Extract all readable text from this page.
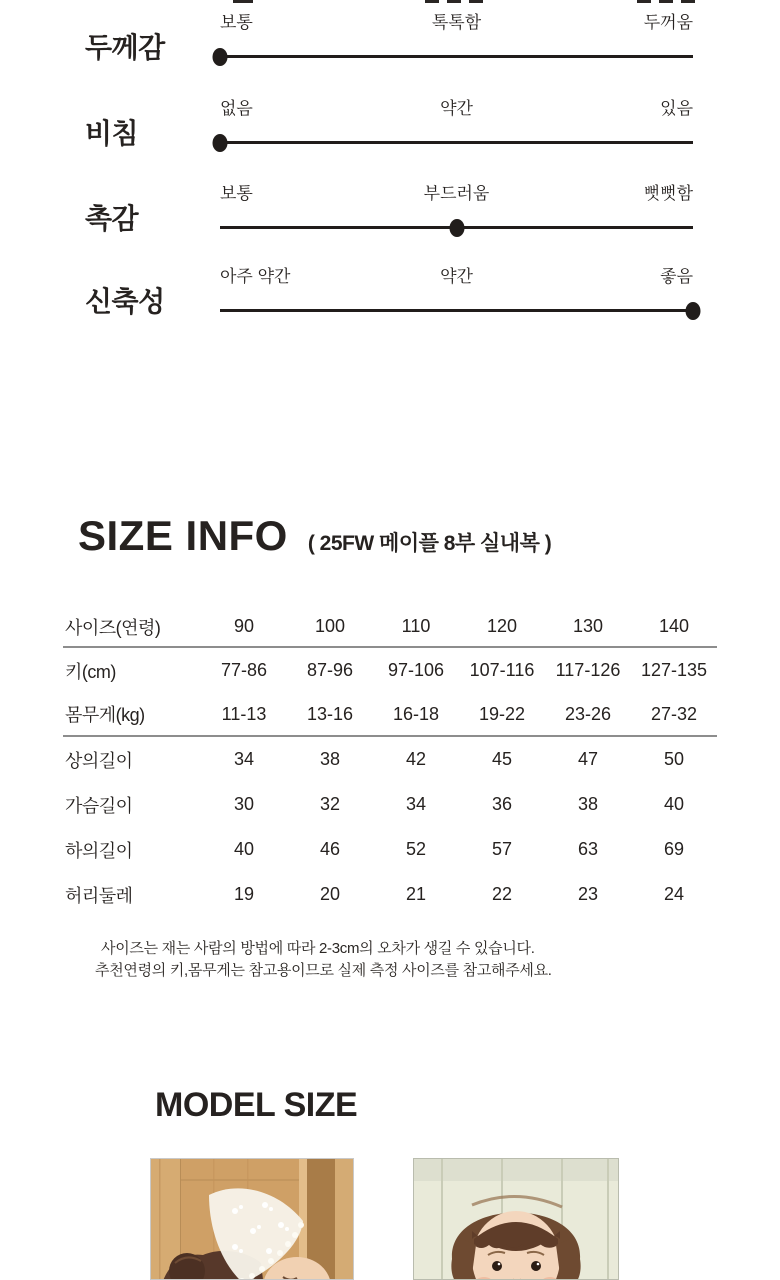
두께감
보통	톡톡함	두꺼움
비침
없음	약간	있음
촉감
보통	부드러움	뻣뻣함
신축성
아주 약간	약간	좋음
SIZE INFO ( 25FW 메이플 8부 실내복 )
사이즈(연령)	90	100	110	120	130	140
키(cm)	77-86	87-96	97-106	107-116	117-126	127-135
몸무게(kg)	11-13	13-16	16-18	19-22	23-26	27-32
상의길이	34	38	42	45	47	50
가슴길이	30	32	34	36	38	40
하의길이	40	46	52	57	63	69
허리둘레	19	20	21	22	23	24
사이즈는 재는 사람의 방법에 따라 2-3cm의 오차가 생길 수 있습니다.
추천연령의 키,몸무게는 참고용이므로 실제 측정 사이즈를 참고해주세요.
MODEL SIZE
